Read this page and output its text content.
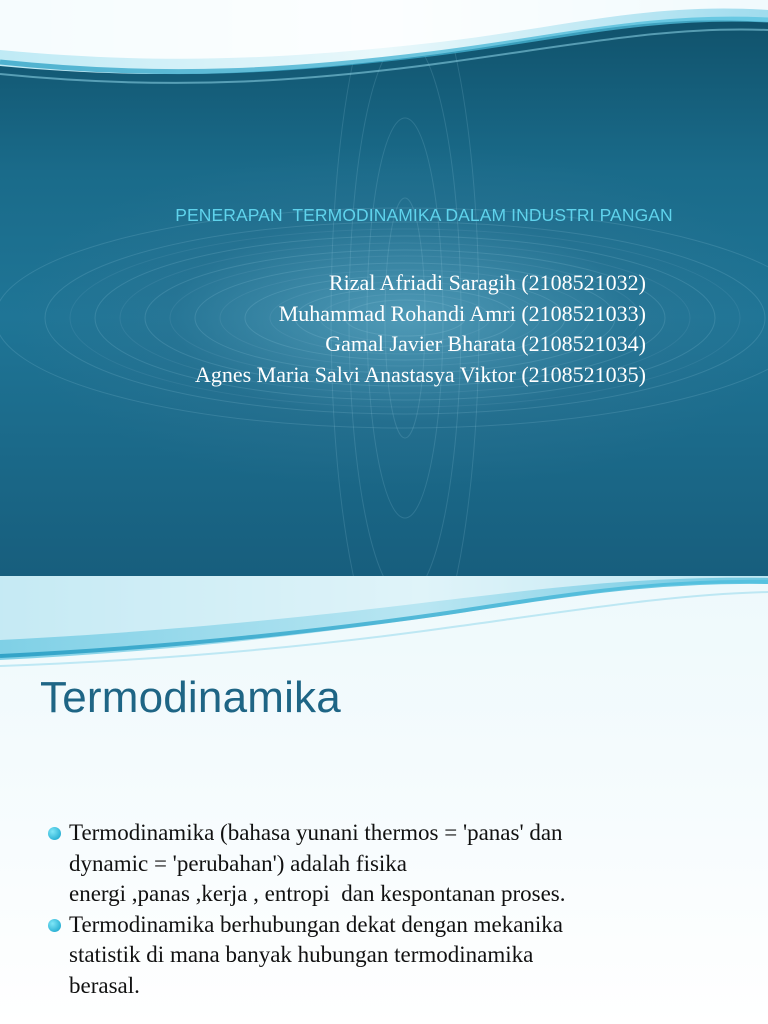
PENERAPAN  TERMODINAMIKA DALAM INDUSTRI PANGAN
Rizal Afriadi Saragih (2108521032)
Muhammad Rohandi Amri (2108521033)
Gamal Javier Bharata (2108521034)
Agnes Maria Salvi Anastasya Viktor (2108521035)
Termodinamika
Termodinamika (bahasa yunani thermos = 'panas' dan
dynamic = 'perubahan') adalah fisika
energi ,panas ,kerja , entropi  dan kespontanan proses.
Termodinamika berhubungan dekat dengan mekanika
statistik di mana banyak hubungan termodinamika
berasal.
